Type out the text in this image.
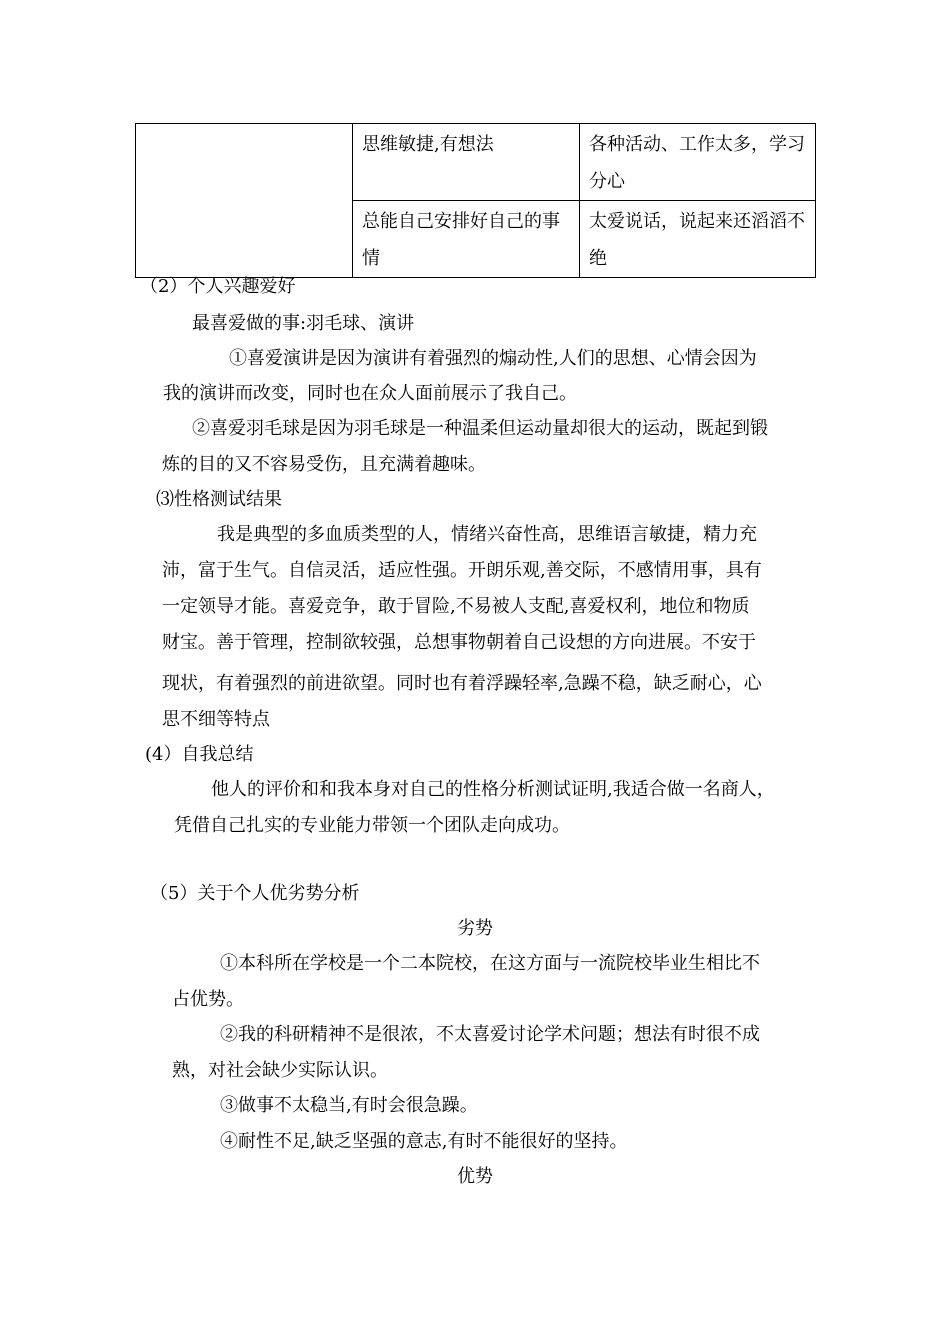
	思维敏捷,有想法	各种活动、工作太多，学习分心
	总能自己安排好自己的事情	太爱说话，说起来还滔滔不绝
（2）个人兴趣爱好
最喜爱做的事:羽毛球、演讲
①喜爱演讲是因为演讲有着强烈的煽动性,人们的思想、心情会因为
我的演讲而改变，同时也在众人面前展示了我自己。
②喜爱羽毛球是因为羽毛球是一种温柔但运动量却很大的运动，既起到锻
炼的目的又不容易受伤，且充满着趣味。
⑶性格测试结果
我是典型的多血质类型的人，情绪兴奋性高，思维语言敏捷，精力充
沛，富于生气。自信灵活，适应性强。开朗乐观,善交际，不感情用事，具有
一定领导才能。喜爱竞争，敢于冒险,不易被人支配,喜爱权利，地位和物质
财宝。善于管理，控制欲较强，总想事物朝着自己设想的方向进展。不安于
现状，有着强烈的前进欲望。同时也有着浮躁轻率,急躁不稳，缺乏耐心，心
思不细等特点
(4）自我总结
他人的评价和和我本身对自己的性格分析测试证明,我适合做一名商人，
凭借自己扎实的专业能力带领一个团队走向成功。
（5）关于个人优劣势分析
劣势
①本科所在学校是一个二本院校，在这方面与一流院校毕业生相比不
占优势。
②我的科研精神不是很浓，不太喜爱讨论学术问题；想法有时很不成
熟，对社会缺少实际认识。
③做事不太稳当,有时会很急躁。
④耐性不足,缺乏坚强的意志,有时不能很好的坚持。
优势
